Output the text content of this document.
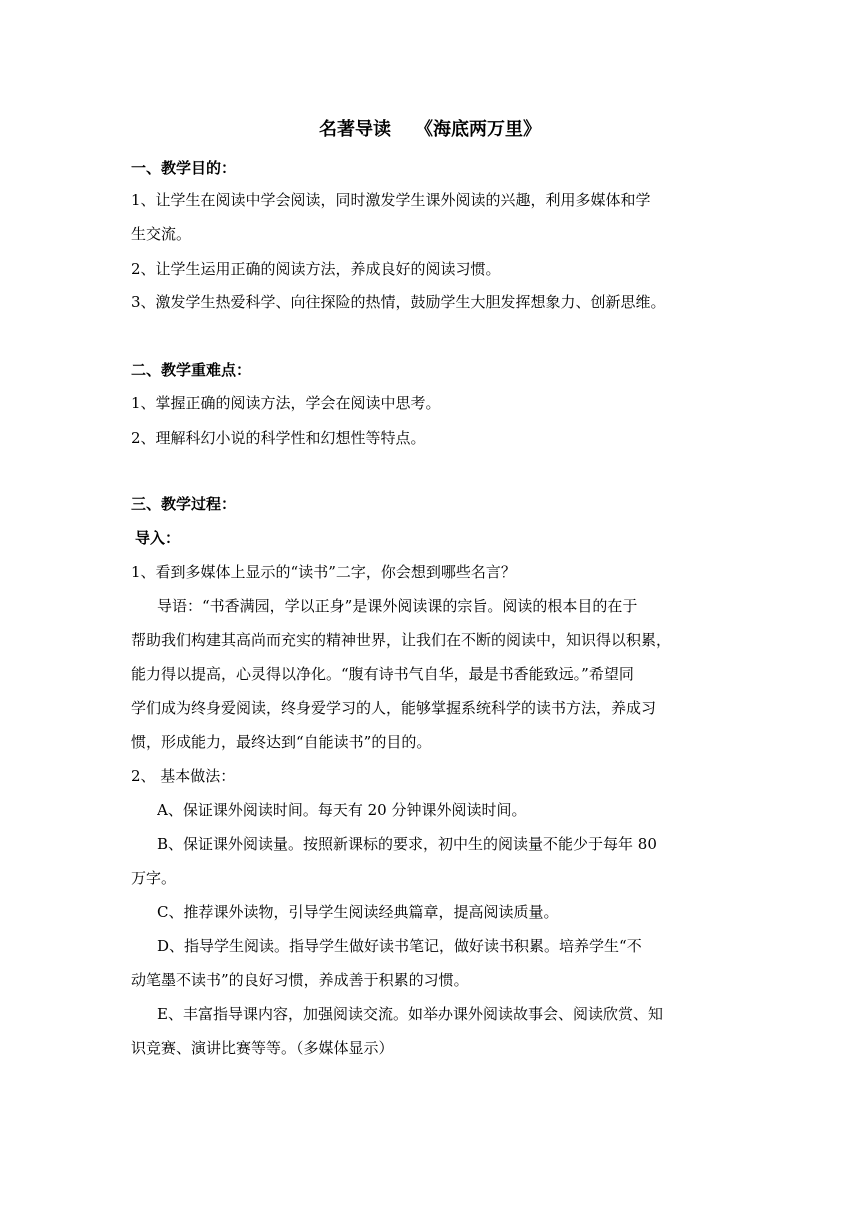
名著导读 《海底两万里》
一、教学目的：
1、让学生在阅读中学会阅读，同时激发学生课外阅读的兴趣，利用多媒体和学
生交流。
2、让学生运用正确的阅读方法，养成良好的阅读习惯。
3、激发学生热爱科学、向往探险的热情，鼓励学生大胆发挥想象力、创新思维。
二、教学重难点：
1、掌握正确的阅读方法，学会在阅读中思考。
2、理解科幻小说的科学性和幻想性等特点。
三、教学过程：
导入：
1、看到多媒体上显示的“读书”二字，你会想到哪些名言？
导语：“书香满园，学以正身”是课外阅读课的宗旨。阅读的根本目的在于
帮助我们构建其高尚而充实的精神世界，让我们在不断的阅读中，知识得以积累，
能力得以提高，心灵得以净化。“腹有诗书气自华，最是书香能致远。”希望同
学们成为终身爱阅读，终身爱学习的人，能够掌握系统科学的读书方法，养成习
惯，形成能力，最终达到“自能读书”的目的。
2、 基本做法：
A、保证课外阅读时间。每天有 20 分钟课外阅读时间。
B、保证课外阅读量。按照新课标的要求，初中生的阅读量不能少于每年 80
万字。
C、推荐课外读物，引导学生阅读经典篇章，提高阅读质量。
D、指导学生阅读。指导学生做好读书笔记，做好读书积累。培养学生“不
动笔墨不读书”的良好习惯，养成善于积累的习惯。
E、丰富指导课内容，加强阅读交流。如举办课外阅读故事会、阅读欣赏、知
识竞赛、演讲比赛等等。（多媒体显示）
